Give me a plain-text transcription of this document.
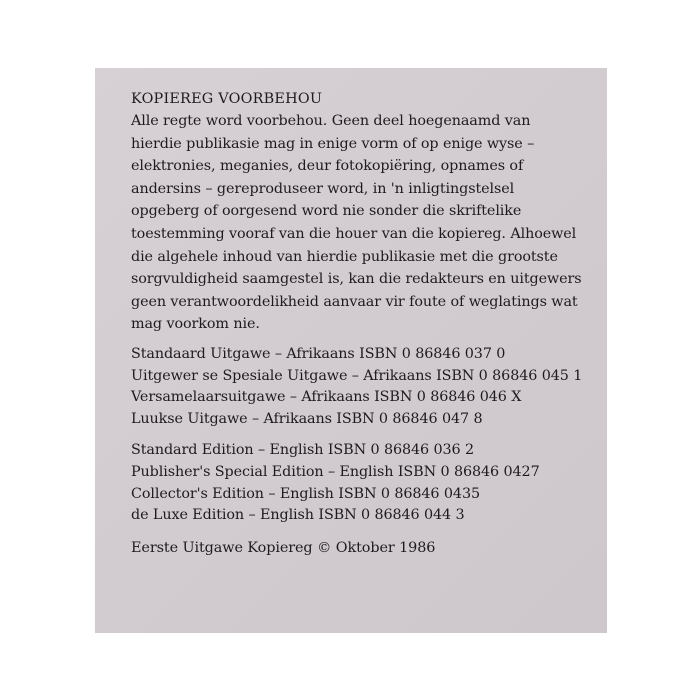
KOPIEREG VOORBEHOU

Alle regte word voorbehou. Geen deel hoegenaamd van
hierdie publikasie mag in enige vorm of op enige wyse –
elektronies, meganies, deur fotokopiëring, opnames of
andersins – gereproduseer word, in 'n inligtingstelsel
opgeberg of oorgesend word nie sonder die skriftelike
toestemming vooraf van die houer van die kopiereg. Alhoewel
die algehele inhoud van hierdie publikasie met die grootste
sorgvuldigheid saamgestel is, kan die redakteurs en uitgewers
geen verantwoordelikheid aanvaar vir foute of weglatings wat
mag voorkom nie.

Standaard Uitgawe – Afrikaans ISBN 0 86846 037 0
Uitgewer se Spesiale Uitgawe – Afrikaans ISBN 0 86846 045 1
Versamelaarsuitgawe – Afrikaans ISBN 0 86846 046 X
Luukse Uitgawe – Afrikaans ISBN 0 86846 047 8
Standard Edition – English ISBN 0 86846 036 2
Publisher's Special Edition – English ISBN 0 86846 0427
Collector's Edition – English ISBN 0 86846 0435
de Luxe Edition – English ISBN 0 86846 044 3
Eerste Uitgawe Kopiereg © Oktober 1986
